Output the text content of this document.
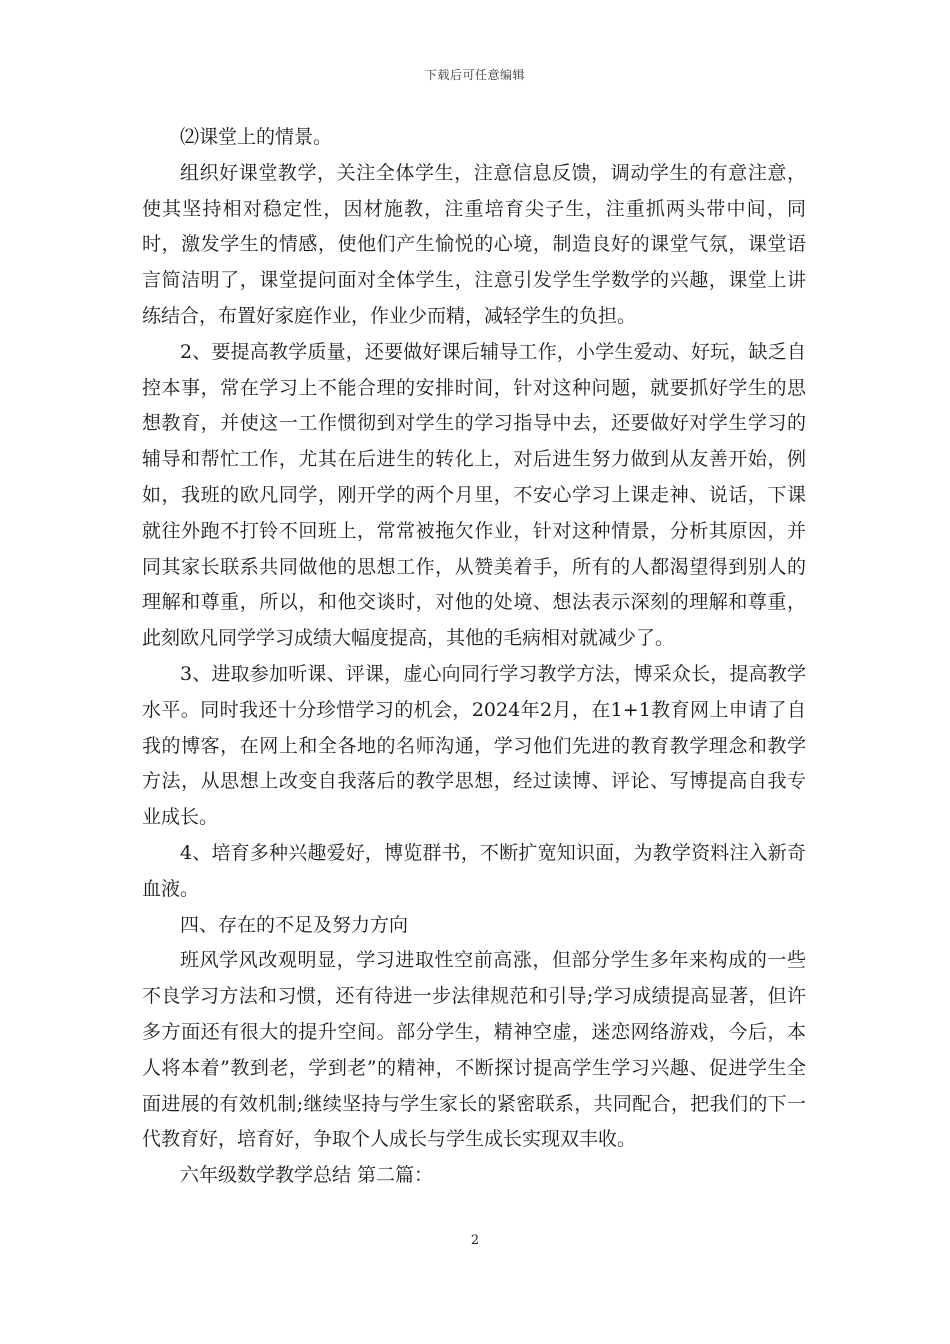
下载后可任意编辑

⑵课堂上的情景。

组织好课堂教学，关注全体学生，注意信息反馈，调动学生的有意注意，使其坚持相对稳定性，因材施教，注重培育尖子生，注重抓两头带中间，同时，激发学生的情感，使他们产生愉悦的心境，制造良好的课堂气氛，课堂语言简洁明了，课堂提问面对全体学生，注意引发学生学数学的兴趣，课堂上讲练结合，布置好家庭作业，作业少而精，减轻学生的负担。

2、要提高教学质量，还要做好课后辅导工作，小学生爱动、好玩，缺乏自控本事，常在学习上不能合理的安排时间，针对这种问题，就要抓好学生的思想教育，并使这一工作惯彻到对学生的学习指导中去，还要做好对学生学习的辅导和帮忙工作，尤其在后进生的转化上，对后进生努力做到从友善开始，例如，我班的欧凡同学，刚开学的两个月里，不安心学习上课走神、说话，下课就往外跑不打铃不回班上，常常被拖欠作业，针对这种情景，分析其原因，并同其家长联系共同做他的思想工作，从赞美着手，所有的人都渴望得到别人的理解和尊重，所以，和他交谈时，对他的处境、想法表示深刻的理解和尊重，此刻欧凡同学学习成绩大幅度提高，其他的毛病相对就减少了。

3、进取参加听课、评课，虚心向同行学习教学方法，博采众长，提高教学水平。同时我还十分珍惜学习的机会，2024年2月，在1+1教育网上申请了自我的博客，在网上和全各地的名师沟通，学习他们先进的教育教学理念和教学方法，从思想上改变自我落后的教学思想，经过读博、评论、写博提高自我专业成长。

4、培育多种兴趣爱好，博览群书，不断扩宽知识面，为教学资料注入新奇血液。

四、存在的不足及努力方向

班风学风改观明显，学习进取性空前高涨，但部分学生多年来构成的一些不良学习方法和习惯，还有待进一步法律规范和引导;学习成绩提高显著，但许多方面还有很大的提升空间。部分学生，精神空虚，迷恋网络游戏，今后，本人将本着”教到老，学到老”的精神，不断探讨提高学生学习兴趣、促进学生全面进展的有效机制;继续坚持与学生家长的紧密联系，共同配合，把我们的下一代教育好，培育好，争取个人成长与学生成长实现双丰收。

六年级数学教学总结 第二篇：

2
